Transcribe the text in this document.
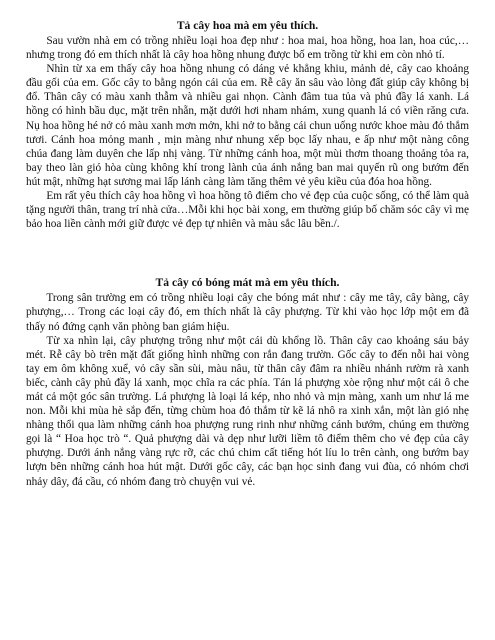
Tả cây hoa mà em yêu thích.

Sau vườn nhà em có trồng nhiều loại hoa đẹp như : hoa mai, hoa hồng, hoa lan, hoa cúc,… nhưng trong đó em thích nhất là cây hoa hồng nhung được bố em trồng từ khi em còn nhỏ tí.

Nhìn từ xa em thấy cây hoa hồng nhung có dáng vẻ khẳng khiu, mảnh dẻ, cây cao khoảng đầu gối của em. Gốc cây to bằng ngón cái của em. Rễ cây ăn sâu vào lòng đất giúp cây không bị đổ. Thân cây có màu xanh thẫm và nhiều gai nhọn. Cành đâm tua tủa và phủ đầy lá xanh. Lá hồng có hình bầu dục, mặt trên nhẵn, mặt dưới hơi nham nhám, xung quanh lá có viền răng cưa. Nụ hoa hồng hé nở có màu xanh mơn mởn, khi nở to bằng cái chun uống nước khoe màu đỏ thắm tươi. Cánh hoa mỏng manh , mịn màng như nhung xếp bọc lấy nhau, e ấp như một nàng công chúa đang làm duyên che lấp nhị vàng. Từ những cánh hoa, một mùi thơm thoang thoảng tỏa ra, bay theo làn gió hòa cùng không khí trong lành của ánh nắng ban mai quyến rũ ong bướm đến hút mật, những hạt sương mai lấp lánh càng làm tăng thêm vẻ yêu kiều của đóa hoa hồng.

Em rất yêu thích cây hoa hồng vì hoa hồng tô điểm cho vẻ đẹp của cuộc sống, có thể làm quà tặng người thân, trang trí nhà cửa…Mỗi khi học bài xong, em thường giúp bố chăm sóc cây vì mẹ bảo hoa liền cành mới giữ được vẻ đẹp tự nhiên và màu sắc lâu bền./.

Tả cây có bóng mát mà em yêu thích.

Trong sân trường em có trồng nhiều loại cây che bóng mát như : cây me tây, cây bàng, cây phượng,… Trong các loại cây đó, em thích nhất là cây phượng. Từ khi vào học lớp một em đã thấy nó đứng cạnh văn phòng ban giám hiệu.

Từ xa nhìn lại, cây phượng trông như một cái dù khổng lồ. Thân cây cao khoảng sáu bảy mét. Rễ cây bò trên mặt đất giống hình những con rắn đang trườn. Gốc cây to đến nỗi hai vòng tay em ôm không xuể, vỏ cây sần sùi, màu nâu, từ thân cây đâm ra nhiều nhánh rườm rà xanh biếc, cành cây phủ đầy lá xanh, mọc chĩa ra các phía. Tán lá phượng xòe rộng như một cái ô che mát cả một góc sân trường. Lá phượng là loại lá kép, nho nhỏ và mịn màng, xanh um như lá me non. Mỗi khi mùa hè sắp đến, từng chùm hoa đỏ thắm từ kẽ lá nhô ra xinh xắn, một làn gió nhẹ nhàng thổi qua làm những cánh hoa phượng rung rinh như những cánh bướm, chúng em thường gọi là “ Hoa học trò “. Quả phượng dài và dẹp như lưỡi liềm tô điểm thêm cho vẻ đẹp của cây phượng. Dưới ánh nắng vàng rực rỡ, các chú chim cất tiếng hót líu lo trên cành, ong bướm bay lượn bên những cánh hoa hút mật. Dưới gốc cây, các bạn học sinh đang vui đùa, có nhóm chơi nhảy dây, đá cầu, có nhóm đang trò chuyện vui vẻ.
